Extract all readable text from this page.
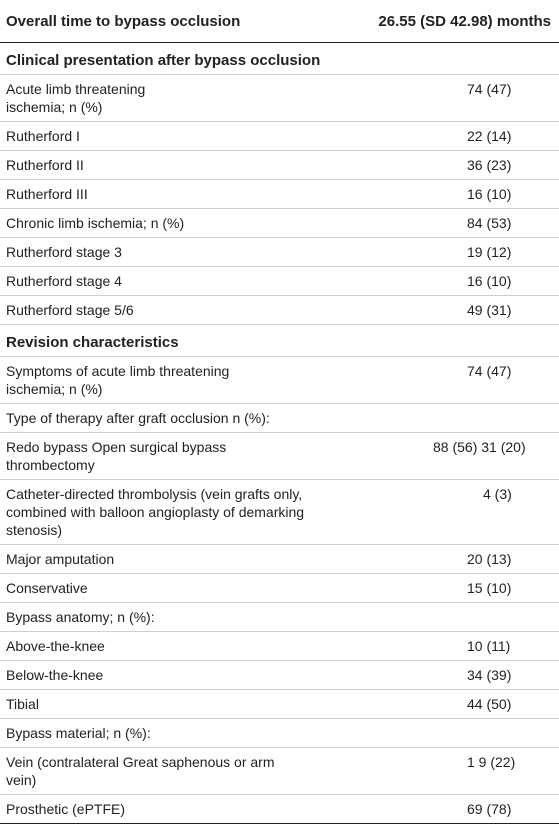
Overall time to bypass occlusion	26.55 (SD 42.98) months
Clinical presentation after bypass occlusion	
Acute limb threatening ischemia; n (%)	74 (47)
Rutherford I	22 (14)
Rutherford II	36 (23)
Rutherford III	16 (10)
Chronic limb ischemia; n (%)	84 (53)
Rutherford stage 3	19 (12)
Rutherford stage 4	16 (10)
Rutherford stage 5/6	49 (31)
Revision characteristics	
Symptoms of acute limb threatening ischemia; n (%)	74 (47)
Type of therapy after graft occlusion n (%):	
Redo bypass Open surgical bypass thrombectomy	88 (56) 31 (20)
Catheter-directed thrombolysis (vein grafts only, combined with balloon angioplasty of demarking stenosis)	4 (3)
Major amputation	20 (13)
Conservative	15 (10)
Bypass anatomy; n (%):	
Above-the-knee	10 (11)
Below-the-knee	34 (39)
Tibial	44 (50)
Bypass material; n (%):	
Vein (contralateral Great saphenous or arm vein)	1 9 (22)
Prosthetic (ePTFE)	69 (78)
